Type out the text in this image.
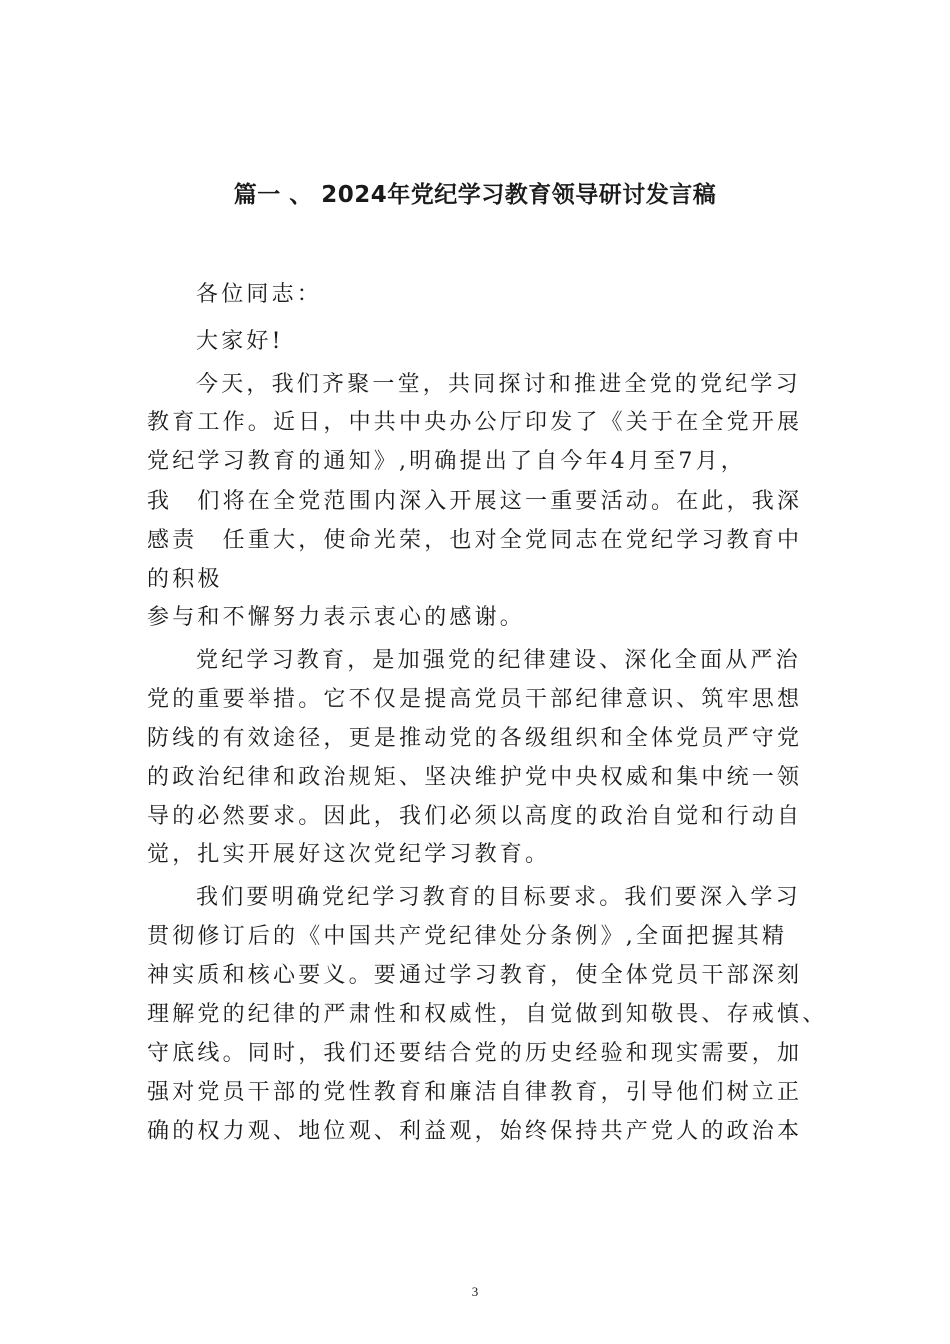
篇一 、 2024年党纪学习教育领导研讨发言稿

各位同志：

大家好!

今天，我们齐聚一堂，共同探讨和推进全党的党纪学习

教育工作。近日，中共中央办公厅印发了《关于在全党开展

党纪学习教育的通知》,明确提出了自今年4月至7月，

我　们将在全党范围内深入开展这一重要活动。在此，我深

感责　任重大，使命光荣，也对全党同志在党纪学习教育中

的积极

参与和不懈努力表示衷心的感谢。

党纪学习教育，是加强党的纪律建设、深化全面从严治

党的重要举措。它不仅是提高党员干部纪律意识、筑牢思想

防线的有效途径，更是推动党的各级组织和全体党员严守党

的政治纪律和政治规矩、坚决维护党中央权威和集中统一领

导的必然要求。因此，我们必须以高度的政治自觉和行动自

觉，扎实开展好这次党纪学习教育。

我们要明确党纪学习教育的目标要求。我们要深入学习

贯彻修订后的《中国共产党纪律处分条例》,全面把握其精

神实质和核心要义。要通过学习教育，使全体党员干部深刻

理解党的纪律的严肃性和权威性，自觉做到知敬畏、存戒慎、

守底线。同时，我们还要结合党的历史经验和现实需要，加

强对党员干部的党性教育和廉洁自律教育，引导他们树立正

确的权力观、地位观、利益观，始终保持共产党人的政治本

3
